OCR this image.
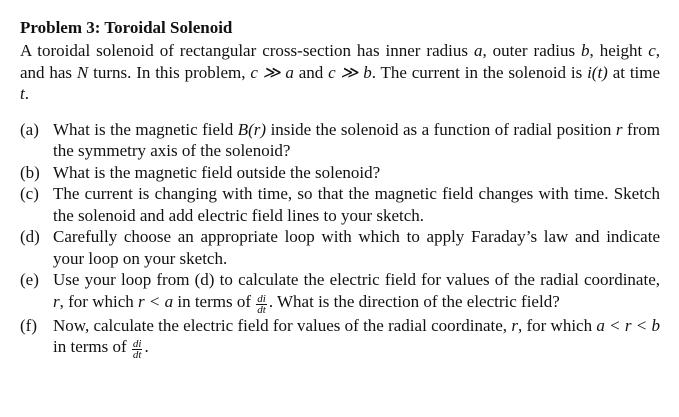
Problem 3: Toroidal Solenoid

A toroidal solenoid of rectangular cross-section has inner radius a, outer radius b, height c, and has N turns. In this problem, c ≫ a and c ≫ b. The current in the solenoid is i(t) at time t.

(a) What is the magnetic field B(r) inside the solenoid as a function of radial position r from the symmetry axis of the solenoid?
(b) What is the magnetic field outside the solenoid?
(c) The current is changing with time, so that the magnetic field changes with time. Sketch the solenoid and add electric field lines to your sketch.
(d) Carefully choose an appropriate loop with which to apply Faraday’s law and indicate your loop on your sketch.
(e) Use your loop from (d) to calculate the electric field for values of the radial coordinate, r, for which r < a in terms of $\frac{di}{dt}$ . What is the direction of the electric field?
(f) Now, calculate the electric field for values of the radial coordinate, r, for which a < r < b in terms of $\frac{di}{dt}$ .
